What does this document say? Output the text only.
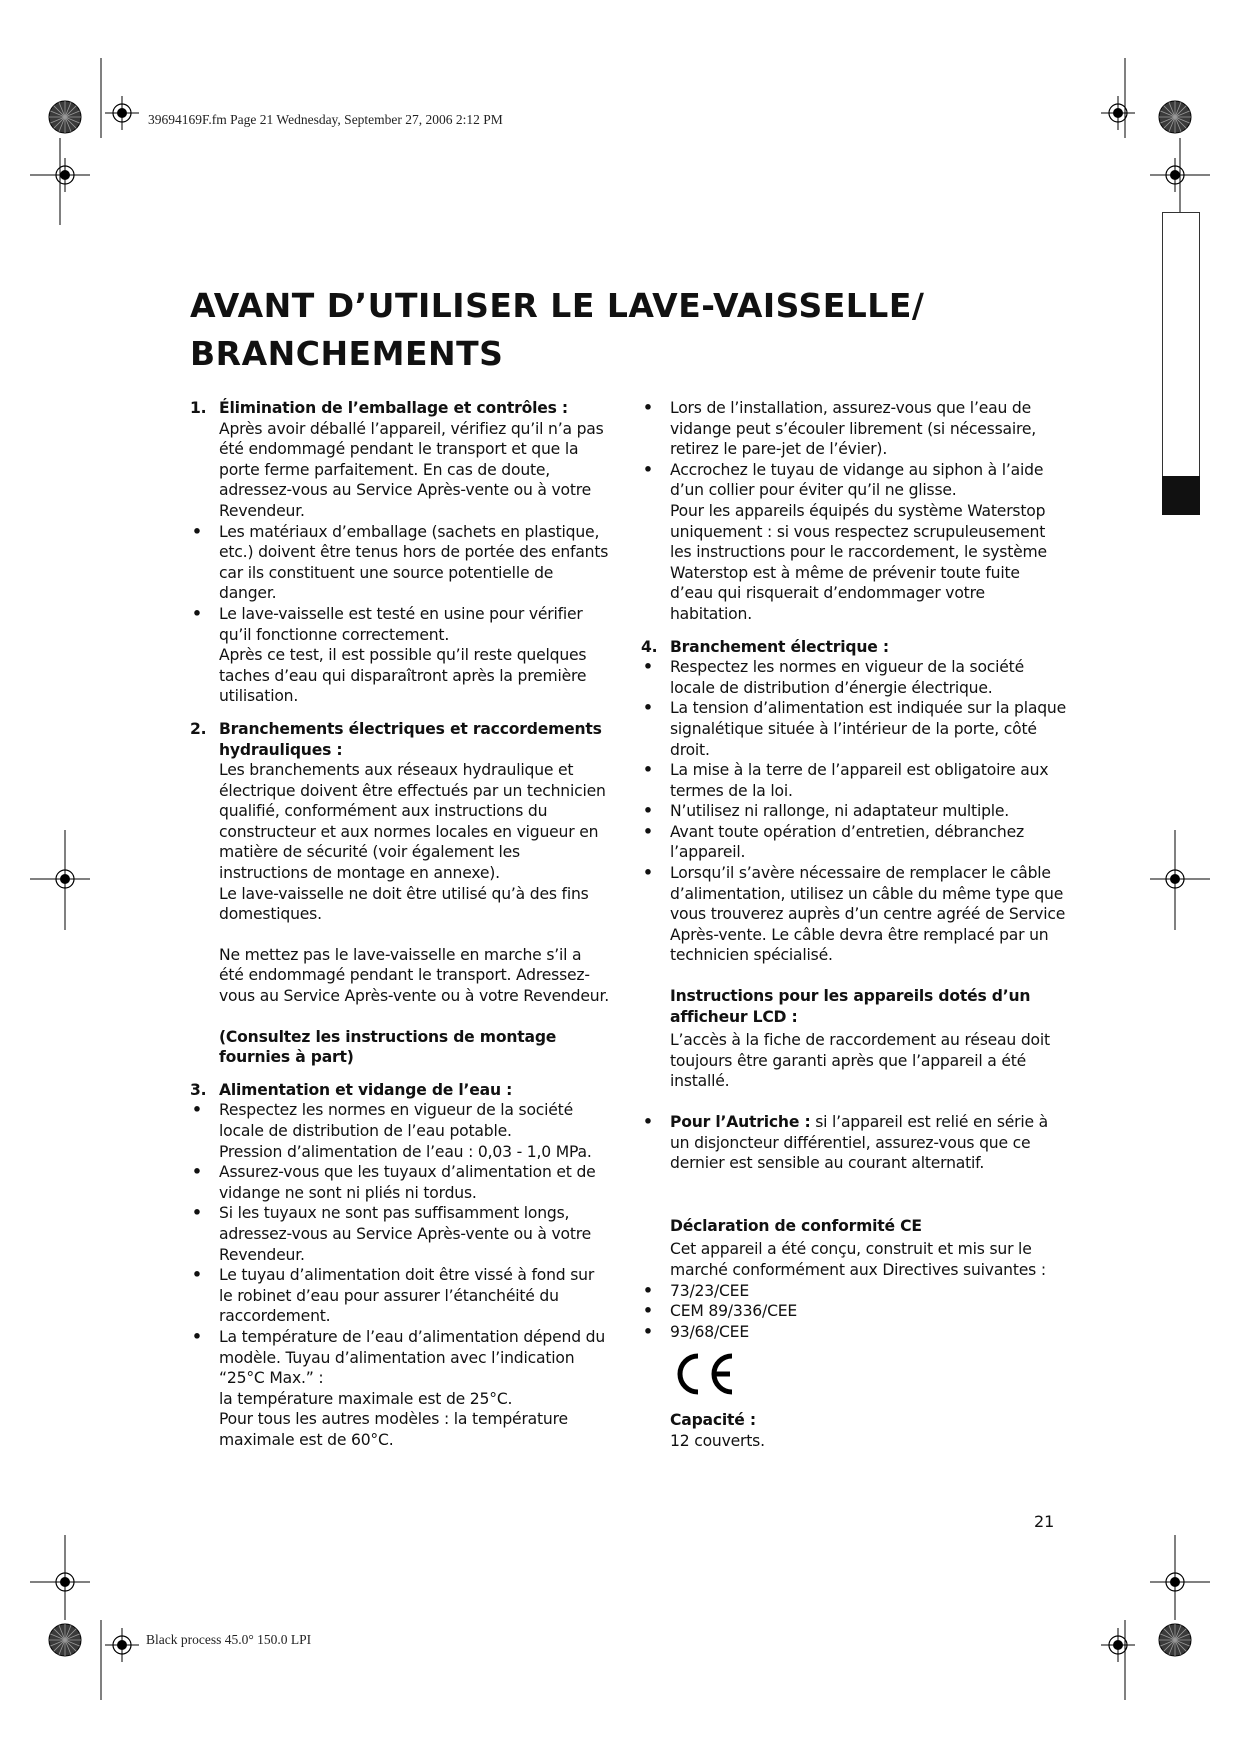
39694169F.fm Page 21 Wednesday, September 27, 2006 2:12 PM
Black process 45.0° 150.0 LPI
AVANT D’UTILISER LE LAVE-VAISSELLE/
BRANCHEMENTS
1. Élimination de l’emballage et contrôles :

Après avoir déballé l’appareil, vérifiez qu’il n’a pas été endommagé pendant le transport et que la porte ferme parfaitement. En cas de doute, adressez-vous au Service Après-vente ou à votre Revendeur.

• Les matériaux d’emballage (sachets en plastique, etc.) doivent être tenus hors de portée des enfants car ils constituent une source potentielle de danger.
• Le lave-vaisselle est testé en usine pour vérifier qu’il fonctionne correctement.
Après ce test, il est possible qu’il reste quelques taches d’eau qui disparaîtront après la première utilisation.
2. Branchements électriques et raccordements hydrauliques :

Les branchements aux réseaux hydraulique et électrique doivent être effectués par un technicien qualifié, conformément aux instructions du constructeur et aux normes locales en vigueur en matière de sécurité (voir également les instructions de montage en annexe).

Le lave-vaisselle ne doit être utilisé qu’à des fins domestiques.

Ne mettez pas le lave-vaisselle en marche s’il a été endommagé pendant le transport. Adressez-vous au Service Après-vente ou à votre Revendeur.

(Consultez les instructions de montage fournies à part)

3. Alimentation et vidange de l’eau :
• Respectez les normes en vigueur de la société locale de distribution de l’eau potable.
Pression d’alimentation de l’eau : 0,03 - 1,0 MPa.
• Assurez-vous que les tuyaux d’alimentation et de vidange ne sont ni pliés ni tordus.
• Si les tuyaux ne sont pas suffisamment longs, adressez-vous au Service Après-vente ou à votre Revendeur.
• Le tuyau d’alimentation doit être vissé à fond sur le robinet d’eau pour assurer l’étanchéité du raccordement.
• La température de l’eau d’alimentation dépend du modèle. Tuyau d’alimentation avec l’indication “25°C Max.” :
la température maximale est de 25°C.
Pour tous les autres modèles : la température maximale est de 60°C.
• Lors de l’installation, assurez-vous que l’eau de vidange peut s’écouler librement (si nécessaire, retirez le pare-jet de l’évier).
• Accrochez le tuyau de vidange au siphon à l’aide d’un collier pour éviter qu’il ne glisse.
Pour les appareils équipés du système Waterstop uniquement : si vous respectez scrupuleusement les instructions pour le raccordement, le système Waterstop est à même de prévenir toute fuite d’eau qui risquerait d’endommager votre habitation.
4. Branchement électrique :
• Respectez les normes en vigueur de la société locale de distribution d’énergie électrique.
• La tension d’alimentation est indiquée sur la plaque signalétique située à l’intérieur de la porte, côté droit.
• La mise à la terre de l’appareil est obligatoire aux termes de la loi.
• N’utilisez ni rallonge, ni adaptateur multiple.
• Avant toute opération d’entretien, débranchez l’appareil.
• Lorsqu’il s’avère nécessaire de remplacer le câble d’alimentation, utilisez un câble du même type que vous trouverez auprès d’un centre agréé de Service Après-vente. Le câble devra être remplacé par un technicien spécialisé.

Instructions pour les appareils dotés d’un afficheur LCD :

L’accès à la fiche de raccordement au réseau doit toujours être garanti après que l’appareil a été installé.

• Pour l’Autriche : si l’appareil est relié en série à un disjoncteur différentiel, assurez-vous que ce dernier est sensible au courant alternatif.

Déclaration de conformité CE

Cet appareil a été conçu, construit et mis sur le marché conformément aux Directives suivantes :

• 73/23/CEE
• CEM 89/336/CEE
• 93/68/CEE

Capacité :

12 couverts.

21
